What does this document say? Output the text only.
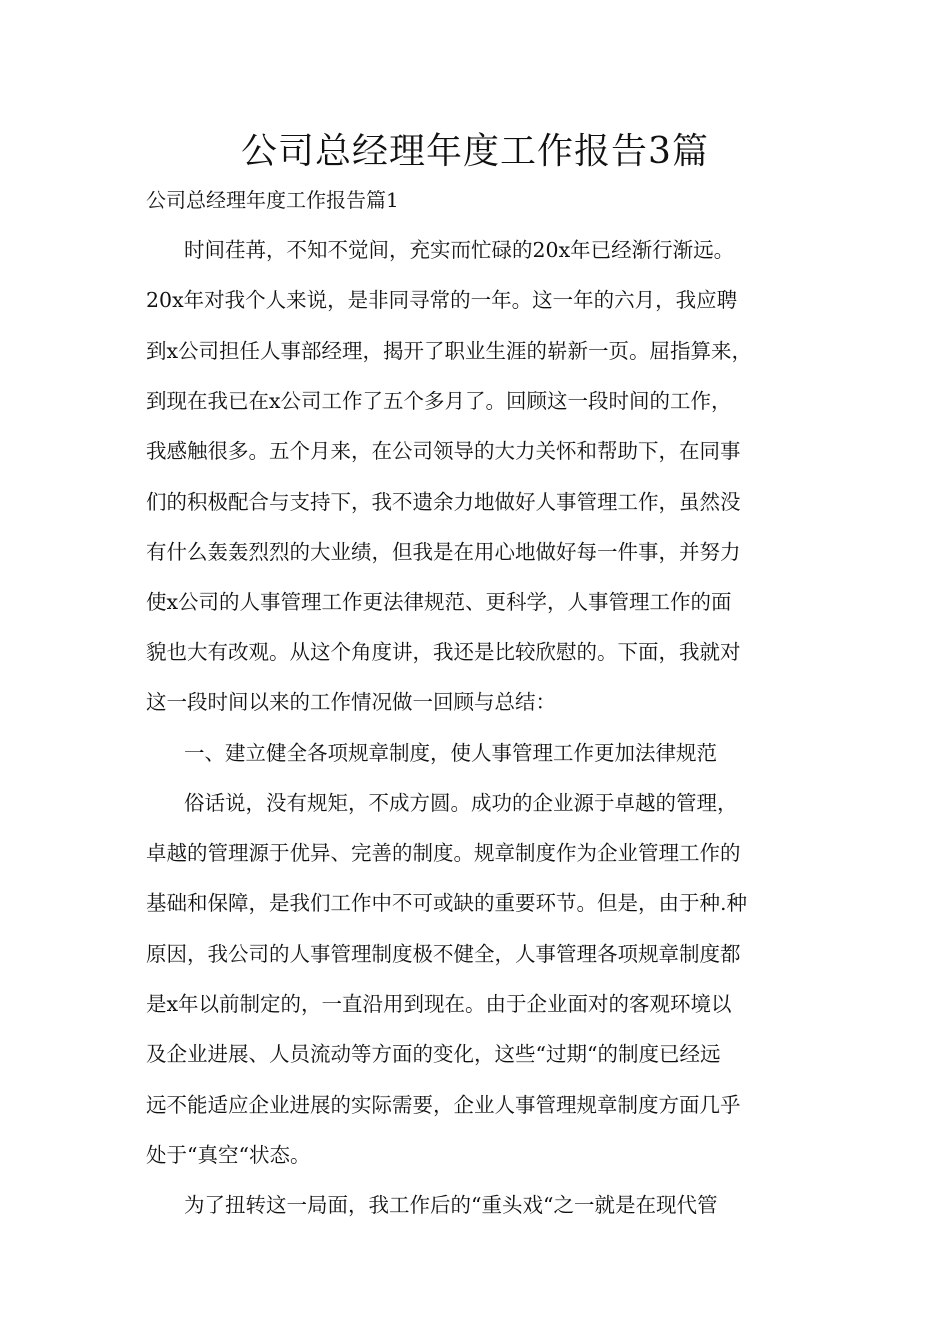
公司总经理年度工作报告3篇

公司总经理年度工作报告篇1

时间荏苒，不知不觉间，充实而忙碌的20x年已经渐行渐远。

20x年对我个人来说，是非同寻常的一年。这一年的六月，我应聘

到x公司担任人事部经理，揭开了职业生涯的崭新一页。屈指算来，

到现在我已在x公司工作了五个多月了。回顾这一段时间的工作，

我感触很多。五个月来，在公司领导的大力关怀和帮助下，在同事

们的积极配合与支持下，我不遗余力地做好人事管理工作，虽然没

有什么轰轰烈烈的大业绩，但我是在用心地做好每一件事，并努力

使x公司的人事管理工作更法律规范、更科学，人事管理工作的面

貌也大有改观。从这个角度讲，我还是比较欣慰的。下面，我就对

这一段时间以来的工作情况做一回顾与总结：

一、建立健全各项规章制度，使人事管理工作更加法律规范

俗话说，没有规矩，不成方圆。成功的企业源于卓越的管理，

卓越的管理源于优异、完善的制度。规章制度作为企业管理工作的

基础和保障，是我们工作中不可或缺的重要环节。但是，由于种.种

原因，我公司的人事管理制度极不健全，人事管理各项规章制度都

是x年以前制定的，一直沿用到现在。由于企业面对的客观环境以

及企业进展、人员流动等方面的变化，这些“过期“的制度已经远

远不能适应企业进展的实际需要，企业人事管理规章制度方面几乎

处于“真空“状态。

为了扭转这一局面，我工作后的“重头戏“之一就是在现代管
